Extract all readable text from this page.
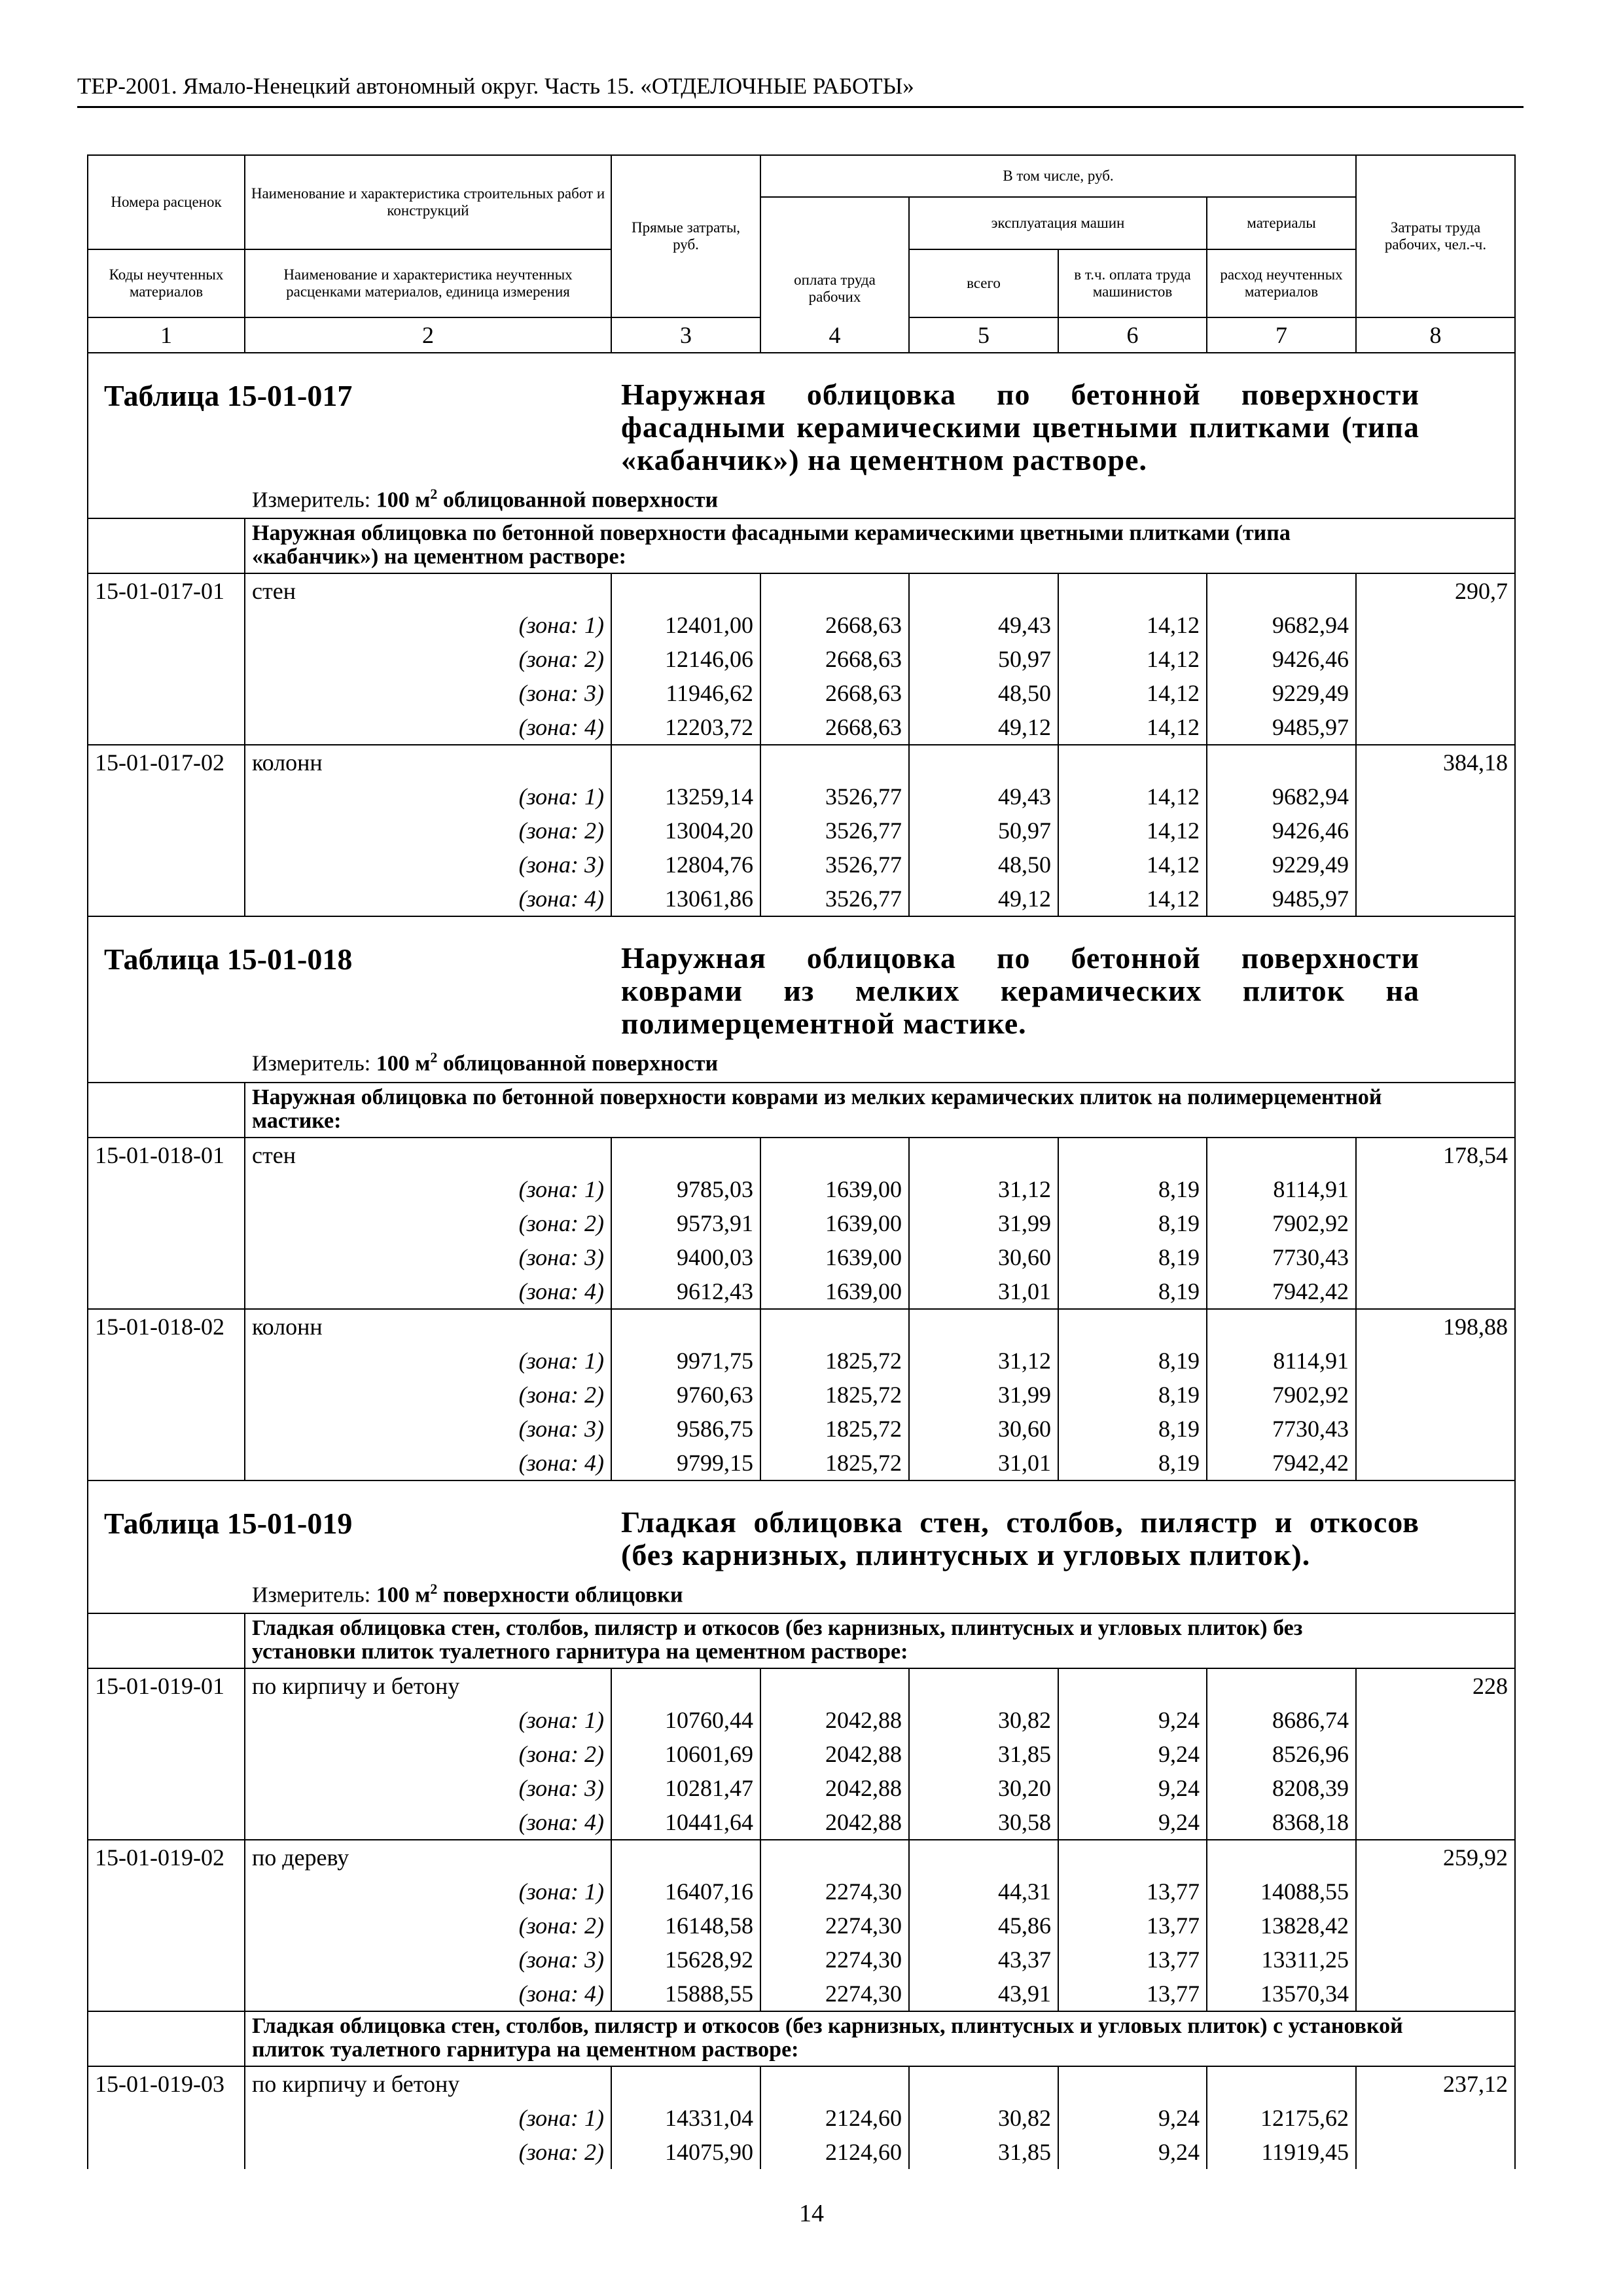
ТЕР-2001. Ямало-Ненецкий автономный округ. Часть 15. «ОТДЕЛОЧНЫЕ РАБОТЫ»
Номера расценок	Наименование и характеристика строительных работ и конструкций	Прямые затраты, руб.	В том числе, руб.				Затраты труда рабочих, чел.-ч.
			оплата труда рабочих	эксплуатация машин		материалы	
Коды неучтенных материалов	Наименование и характеристика неучтенных расценками материалов, единица измерения			всего	в т.ч. оплата труда машинистов	расход неучтенных материалов	
1	2	3	4	5	6	7	8
Таблица 15-01-017 Наружная облицовка по бетонной поверхности фасадными керамическими цветными плитками (типа «кабанчик») на цементном растворе.							
Измеритель: 100 $м^2$ облицованной поверхности							
	Наружная облицовка по бетонной поверхности фасадными керамическими цветными плитками (типа «кабанчик») на цементном растворе:						
15-01-017-01	стен						290,7
	(зона: 1)	12401,00	2668,63	49,43	14,12	9682,94	
	(зона: 2)	12146,06	2668,63	50,97	14,12	9426,46	
	(зона: 3)	11946,62	2668,63	48,50	14,12	9229,49	
	(зона: 4)	12203,72	2668,63	49,12	14,12	9485,97	
15-01-017-02	колонн						384,18
	(зона: 1)	13259,14	3526,77	49,43	14,12	9682,94	
	(зона: 2)	13004,20	3526,77	50,97	14,12	9426,46	
	(зона: 3)	12804,76	3526,77	48,50	14,12	9229,49	
	(зона: 4)	13061,86	3526,77	49,12	14,12	9485,97	
Таблица 15-01-018 Наружная облицовка по бетонной поверхности коврами из мелких керамических плиток на полимерцементной мастике.							
Измеритель: 100 $м^2$ облицованной поверхности							
	Наружная облицовка по бетонной поверхности коврами из мелких керамических плиток на полимерцементной мастике:						
15-01-018-01	стен						178,54
	(зона: 1)	9785,03	1639,00	31,12	8,19	8114,91	
	(зона: 2)	9573,91	1639,00	31,99	8,19	7902,92	
	(зона: 3)	9400,03	1639,00	30,60	8,19	7730,43	
	(зона: 4)	9612,43	1639,00	31,01	8,19	7942,42	
15-01-018-02	колонн						198,88
	(зона: 1)	9971,75	1825,72	31,12	8,19	8114,91	
	(зона: 2)	9760,63	1825,72	31,99	8,19	7902,92	
	(зона: 3)	9586,75	1825,72	30,60	8,19	7730,43	
	(зона: 4)	9799,15	1825,72	31,01	8,19	7942,42	
Таблица 15-01-019 Гладкая облицовка стен, столбов, пилястр и откосов (без карнизных, плинтусных и угловых плиток).							
Измеритель: 100 $м^2$ поверхности облицовки							
	Гладкая облицовка стен, столбов, пилястр и откосов (без карнизных, плинтусных и угловых плиток) без установки плиток туалетного гарнитура на цементном растворе:						
15-01-019-01	по кирпичу и бетону						228
	(зона: 1)	10760,44	2042,88	30,82	9,24	8686,74	
	(зона: 2)	10601,69	2042,88	31,85	9,24	8526,96	
	(зона: 3)	10281,47	2042,88	30,20	9,24	8208,39	
	(зона: 4)	10441,64	2042,88	30,58	9,24	8368,18	
15-01-019-02	по дереву						259,92
	(зона: 1)	16407,16	2274,30	44,31	13,77	14088,55	
	(зона: 2)	16148,58	2274,30	45,86	13,77	13828,42	
	(зона: 3)	15628,92	2274,30	43,37	13,77	13311,25	
	(зона: 4)	15888,55	2274,30	43,91	13,77	13570,34	
	Гладкая облицовка стен, столбов, пилястр и откосов (без карнизных, плинтусных и угловых плиток) с установкой плиток туалетного гарнитура на цементном растворе:						
15-01-019-03	по кирпичу и бетону						237,12
	(зона: 1)	14331,04	2124,60	30,82	9,24	12175,62	
	(зона: 2)	14075,90	2124,60	31,85	9,24	11919,45	
14
